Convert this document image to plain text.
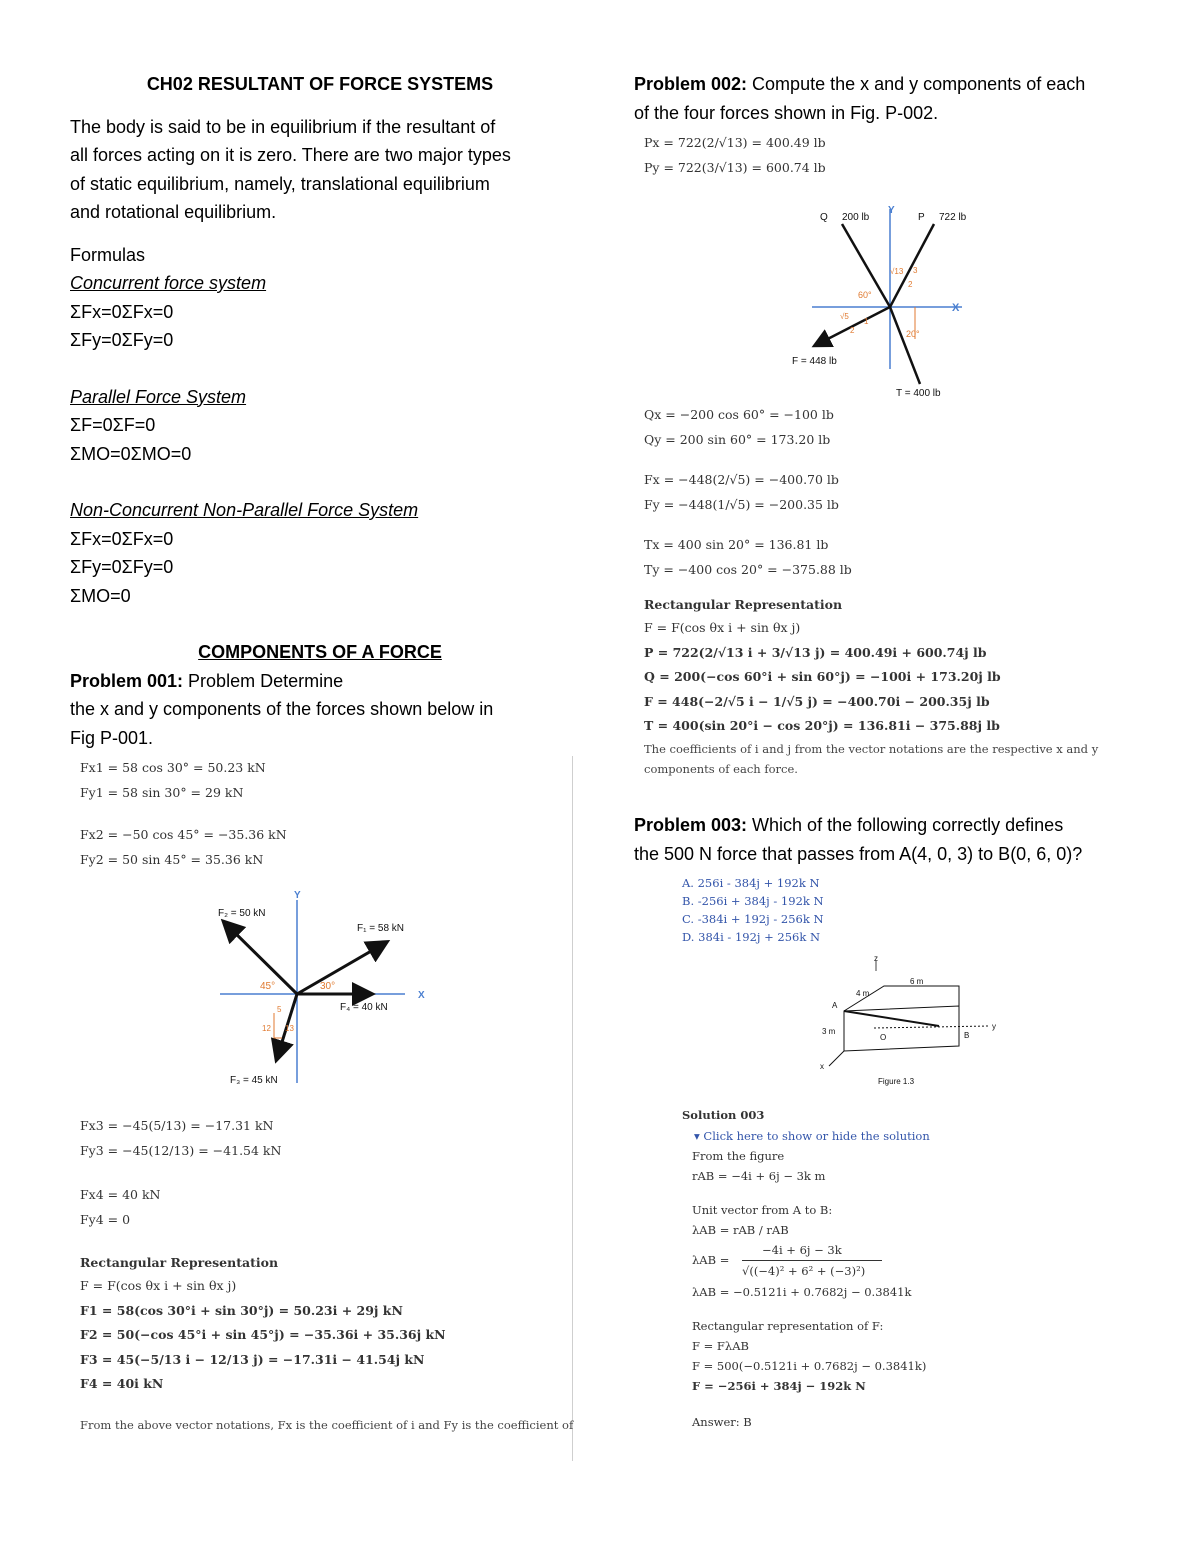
CH02 RESULTANT OF FORCE SYSTEMS

The body is said to be in equilibrium if the resultant of

all forces acting on it is zero. There are two major types

of static equilibrium, namely, translational equilibrium

and rotational equilibrium.

Formulas

Concurrent force system

ΣFx=0ΣFx=0

ΣFy=0ΣFy=0

Parallel Force System

ΣF=0ΣF=0

ΣMO=0ΣMO=0

Non-Concurrent Non-Parallel Force System

ΣFx=0ΣFx=0

ΣFy=0ΣFy=0

ΣMO=0

COMPONENTS OF A FORCE

Problem 001: Problem Determine

the x and y components of the forces shown below in

Fig P-001.

Fx1 = 58 cos 30° = 50.23 kN
Fy1 = 58 sin 30° = 29 kN
Fx2 = −50 cos 45° = −35.36 kN
Fy2 = 50 sin 45° = 35.36 kN
Y
X
F₂ = 50 kN
F₁ = 58 kN
F₄ = 40 kN
F₃ = 45 kN
45°	30°
5
12 13
Fx3 = −45(5/13) = −17.31 kN
Fy3 = −45(12/13) = −41.54 kN
Fx4 = 40 kN
Fy4 = 0
Rectangular Representation
F = F(cos θx i + sin θx j)
F1 = 58(cos 30°i + sin 30°j) = 50.23i + 29j kN
F2 = 50(−cos 45°i + sin 45°j) = −35.36i + 35.36j kN
F3 = 45(−5/13 i − 12/13 j) = −17.31i − 41.54j kN
F4 = 40i kN
From the above vector notations, Fx is the coefficient of i and Fy is the coefficient of

Problem 002: Compute the x and y components of each

of the four forces shown in Fig. P-002.

Px = 722(2/√13) = 400.49 lb
Py = 722(3/√13) = 600.74 lb
Q 200 lb
Y
P 722 lb
X
60°
20°
F = 448 lb
T = 400 lb
√13 3
2
√5
1
2
Qx = −200 cos 60° = −100 lb
Qy = 200 sin 60° = 173.20 lb
Fx = −448(2/√5) = −400.70 lb
Fy = −448(1/√5) = −200.35 lb
Tx = 400 sin 20° = 136.81 lb
Ty = −400 cos 20° = −375.88 lb
Rectangular Representation
F = F(cos θx i + sin θx j)
P = 722(2/√13 i + 3/√13 j) = 400.49i + 600.74j lb
Q = 200(−cos 60°i + sin 60°j) = −100i + 173.20j lb
F = 448(−2/√5 i − 1/√5 j) = −400.70i − 200.35j lb
T = 400(sin 20°i − cos 20°j) = 136.81i − 375.88j lb
The coefficients of i and j from the vector notations are the respective x and y
components of each force.

Problem 003: Which of the following correctly defines

the 500 N force that passes from A(4, 0, 3) to B(0, 6, 0)?

A. 256i - 384j + 192k N
B. -256i + 384j - 192k N
C. -384i + 192j - 256k N
D. 384i - 192j + 256k N
z
A
4 m
6 m
3 m
O	B
y
x
Figure 1.3
Solution 003
▾ Click here to show or hide the solution
From the figure
rAB = −4i + 6j − 3k m
Unit vector from A to B:
λAB = rAB / rAB
λAB =
−4i + 6j − 3k
√((−4)² + 6² + (−3)²)
λAB = −0.5121i + 0.7682j − 0.3841k
Rectangular representation of F:
F = FλAB
F = 500(−0.5121i + 0.7682j − 0.3841k)
F = −256i + 384j − 192k N
Answer: B
